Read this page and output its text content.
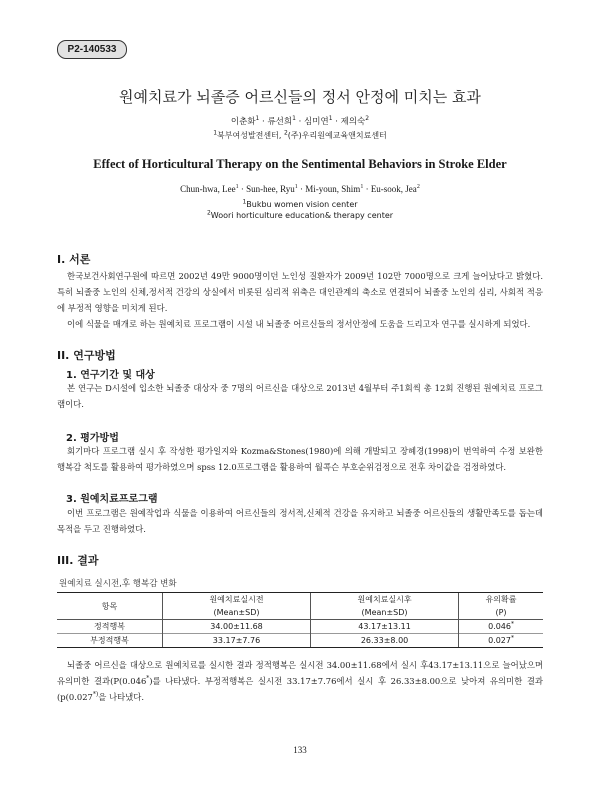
P2-140533
원예치료가 뇌졸증 어르신들의 정서 안정에 미치는 효과
이춘화$^1$ · 류선희$^1$ · 심미연$^1$ · 제의숙$^2$
$^1$북부여성발전센터, $^2$(주)우리원예교육앤치료센터
Effect of Horticultural Therapy on the Sentimental Behaviors in Stroke Elder
Chun-hwa, Lee$^1$ · Sun-hee, Ryu$^1$ · Mi-youn, Shim$^1$ · Eu-sook, Jea$^2$
$^1$Bukbu women vision center
$^2$Woori horticulture education& therapy center
I. 서론
한국보건사회연구원에 따르면 2002년 49만 9000명이던 노인성 질환자가 2009년 102만 7000명으로 크게 늘어났다고 밝혔다. 특히 뇌졸중 노인의 신체,정서적 건강의 상실에서 비롯된 심리적 위축은 대인관계의 축소로 연결되어 뇌졸중 노인의 심리, 사회적 적응에 부정적 영향을 미치게 된다.
이에 식물을 매개로 하는 원예치료 프로그램이 시설 내 뇌졸중 어르신들의 정서안정에 도움을 드리고자 연구를 실시하게 되었다.
II. 연구방법
1. 연구기간 및 대상
본 연구는 D시설에 입소한 뇌졸중 대상자 중 7명의 어르신을 대상으로 2013년 4월부터 주1회씩 총 12회 진행된 원예치료 프로그램이다.
2. 평가방법
회기마다 프로그램 실시 후 작성한 평가일지와 Kozma&Stones(1980)에 의해 개발되고 장혜경(1998)이 번역하여 수정 보완한 행복감 척도를 활용하여 평가하였으며 spss 12.0프로그램을 활용하여 월콕슨 부호순위검정으로 전후 차이값을 검정하였다.
3. 원예치료프로그램
이번 프로그램은 원예작업과 식물을 이용하여 어르신들의 정서적,신체적 건강을 유지하고 뇌졸중 어르신들의 생활만족도를 돕는데 목적을 두고 진행하였다.
III. 결과
원예치료 실시전,후 행복감 변화
항목	원예치료실시전	원예치료실시후	유의확률
	(Mean±SD)	(Mean±SD)	(P)
정적행복	34.00±11.68	43.17±13.11	0.046*
부정적행복	33.17±7.76	26.33±8.00	0.027*
뇌졸중 어르신을 대상으로 원예치료를 실시한 결과 정적행복은 실시전 34.00±11.68에서 실시 후43.17±13.11으로 늘어났으며 유의미한 결과(P(0.046*)를 나타냈다. 부정적행복은 실시전 33.17±7.76에서 실시 후 26.33±8.00으로 낮아져 유의미한 결과(p(0.027*)을 나타냈다.
133
